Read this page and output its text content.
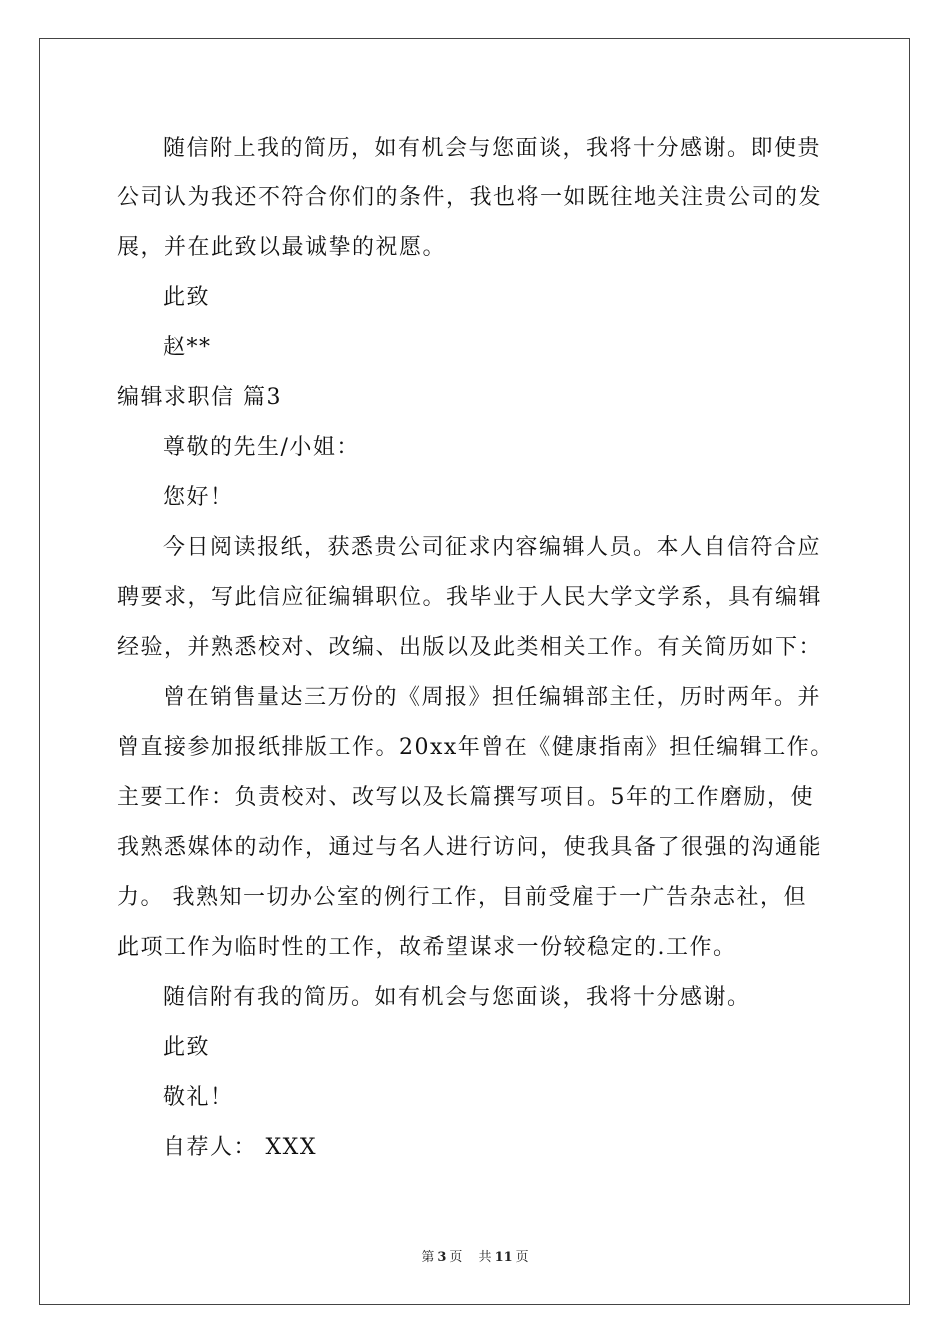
随信附上我的简历，如有机会与您面谈，我将十分感谢。即使贵
公司认为我还不符合你们的条件，我也将一如既往地关注贵公司的发
展，并在此致以最诚挚的祝愿。
此致
赵**
编辑求职信 篇3
尊敬的先生/小姐：
您好！
今日阅读报纸，获悉贵公司征求内容编辑人员。本人自信符合应
聘要求，写此信应征编辑职位。我毕业于人民大学文学系，具有编辑
经验，并熟悉校对、改编、出版以及此类相关工作。有关简历如下：
曾在销售量达三万份的《周报》担任编辑部主任，历时两年。并
曾直接参加报纸排版工作。20xx年曾在《健康指南》担任编辑工作。
主要工作：负责校对、改写以及长篇撰写项目。5年的工作磨励，使
我熟悉媒体的动作，通过与名人进行访问，使我具备了很强的沟通能
力。 我熟知一切办公室的例行工作，目前受雇于一广告杂志社，但
此项工作为临时性的工作，故希望谋求一份较稳定的.工作。
随信附有我的简历。如有机会与您面谈，我将十分感谢。
此致
敬礼！
自荐人： XXX
第 3 页 共 11 页
